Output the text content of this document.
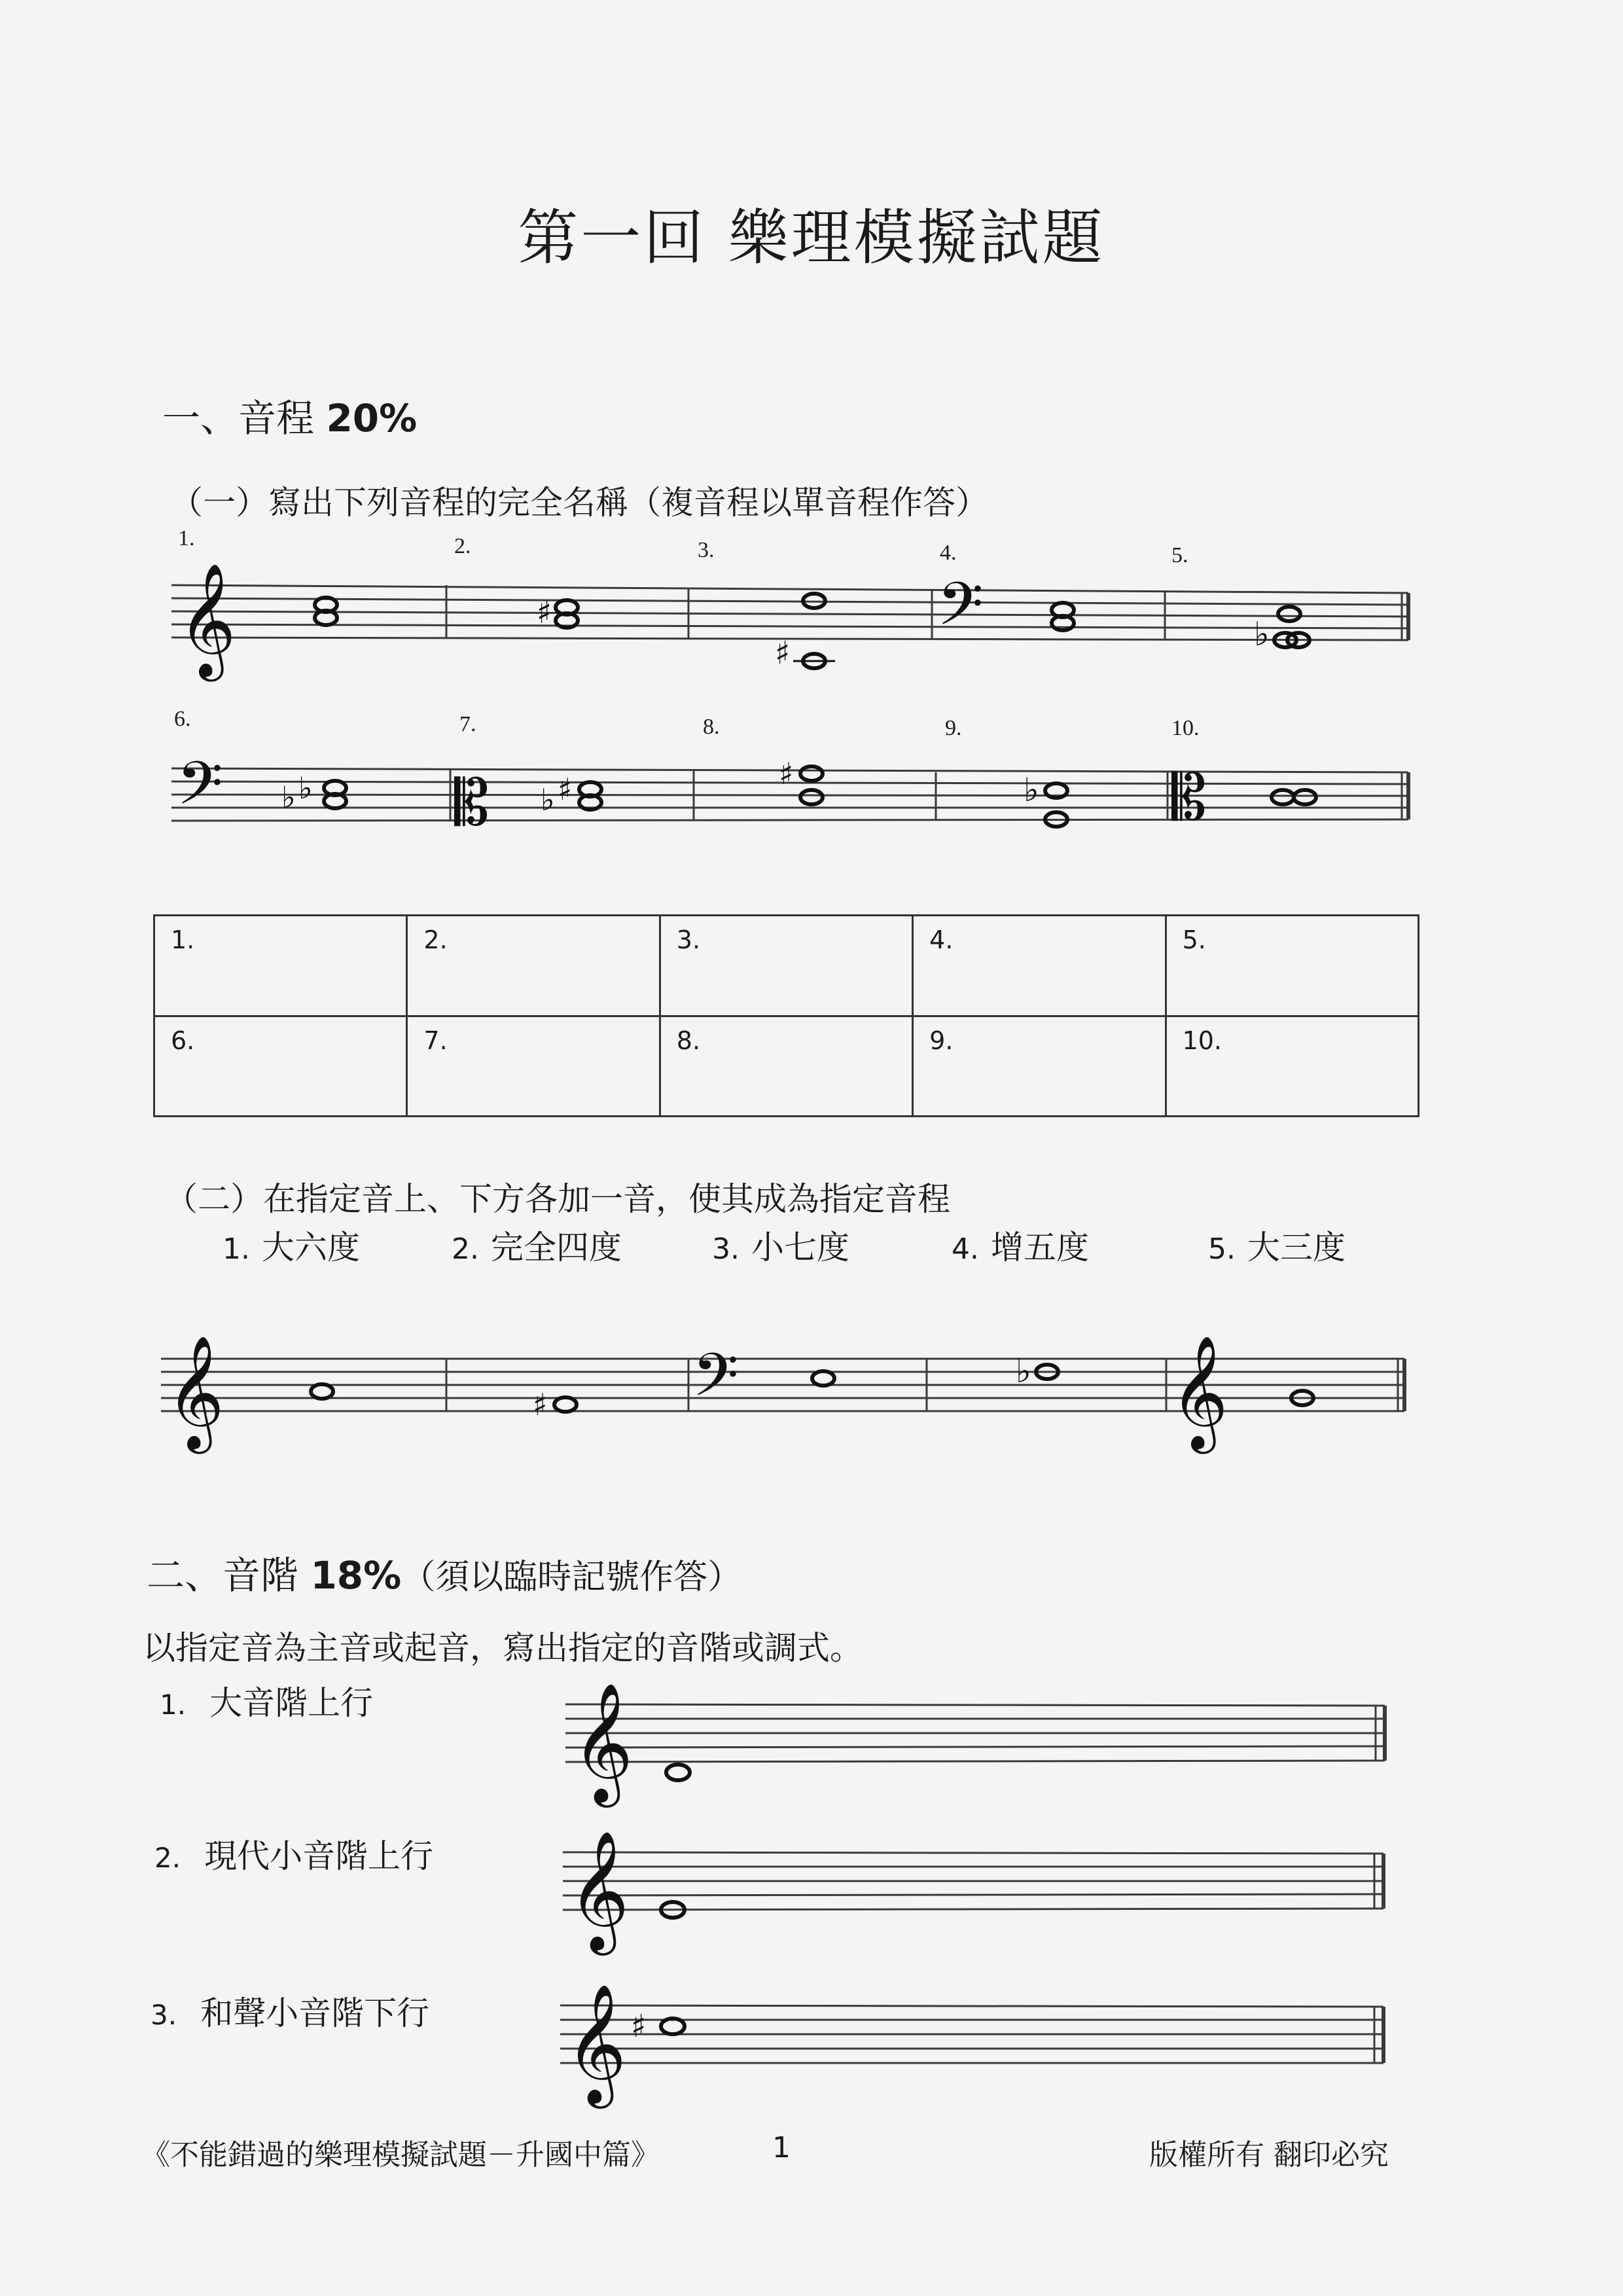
第一回 樂理模擬試題
一、音程 20%
（一）寫出下列音程的完全名稱（複音程以單音程作答）
1.	2.	3.	4.	5.
𝄞	𝄢
♯
♯	♭
6.	7.	8.	9.	10.
𝄢	𝄡	𝄡
♭ ♭	♭ ♯	♯	♭
1.	2.	3.	4.	5.
6.	7.	8.	9.	10.
（二）在指定音上、下方各加一音，使其成為指定音程
1. 大六度	2. 完全四度	3. 小七度	4. 增五度	5. 大三度
𝄞	𝄢	𝄞
♯
♭
二、音階 18%（須以臨時記號作答）
以指定音為主音或起音，寫出指定的音階或調式。
1. 大音階上行 𝄞
2. 現代小音階上行 𝄞
3. 和聲小音階下行 𝄞 ♯
《不能錯過的樂理模擬試題－升國中篇》	1	版權所有 翻印必究
